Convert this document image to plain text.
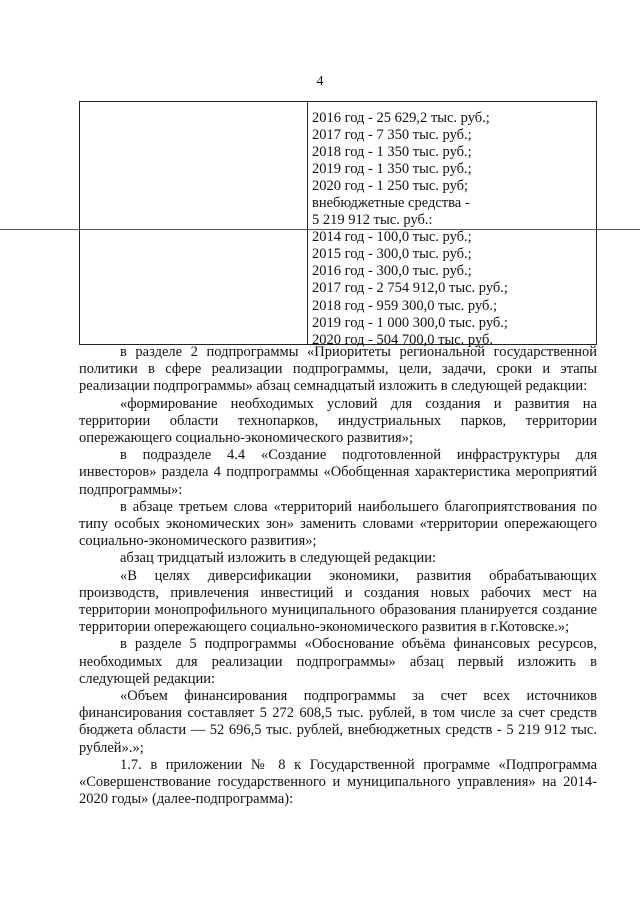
4
2016 год - 25 629,2 тыс. руб.;
2017 год - 7 350 тыс. руб.;
2018 год - 1 350 тыс. руб.;
2019 год - 1 350 тыс. руб.;
2020 год - 1 250 тыс. руб;
внебюджетные средства -
5 219 912 тыс. руб.:
2014 год - 100,0 тыс. руб.;
2015 год - 300,0 тыс. руб.;
2016 год - 300,0 тыс. руб.;
2017 год - 2 754 912,0 тыс. руб.;
2018 год - 959 300,0 тыс. руб.;
2019 год - 1 000 300,0 тыс. руб.;
2020 год - 504 700,0 тыс. руб.

в разделе 2 подпрограммы «Приоритеты региональной государственной политики в сфере реализации подпрограммы, цели, задачи, сроки и этапы реализации подпрограммы» абзац семнадцатый изложить в следующей редакции:

«формирование необходимых условий для создания и развития на территории области технопарков, индустриальных парков, территории опережающего социально-экономического развития»;

в подразделе 4.4 «Создание подготовленной инфраструктуры для инвесторов» раздела 4 подпрограммы «Обобщенная характеристика мероприятий подпрограммы»:

в абзаце третьем слова «территорий наибольшего благоприятствования по типу особых экономических зон» заменить словами «территории опережающего социально-экономического развития»;

абзац тридцатый изложить в следующей редакции:

«В целях диверсификации экономики, развития обрабатывающих производств, привлечения инвестиций и создания новых рабочих мест на территории монопрофильного муниципального образования планируется создание территории опережающего социально-экономического развития в г.Котовске.»;

в разделе 5 подпрограммы «Обоснование объёма финансовых ресурсов, необходимых для реализации подпрограммы» абзац первый изложить в следующей редакции:

«Объем финансирования подпрограммы за счет всех источников финансирования составляет 5 272 608,5 тыс. рублей, в том числе за счет средств бюджета области — 52 696,5 тыс. рублей, внебюджетных средств - 5 219 912 тыс. рублей».»;

1.7. в приложении № 8 к Государственной программе «Подпрограмма «Совершенствование государственного и муниципального управления» на 2014-2020 годы» (далее-подпрограмма):
